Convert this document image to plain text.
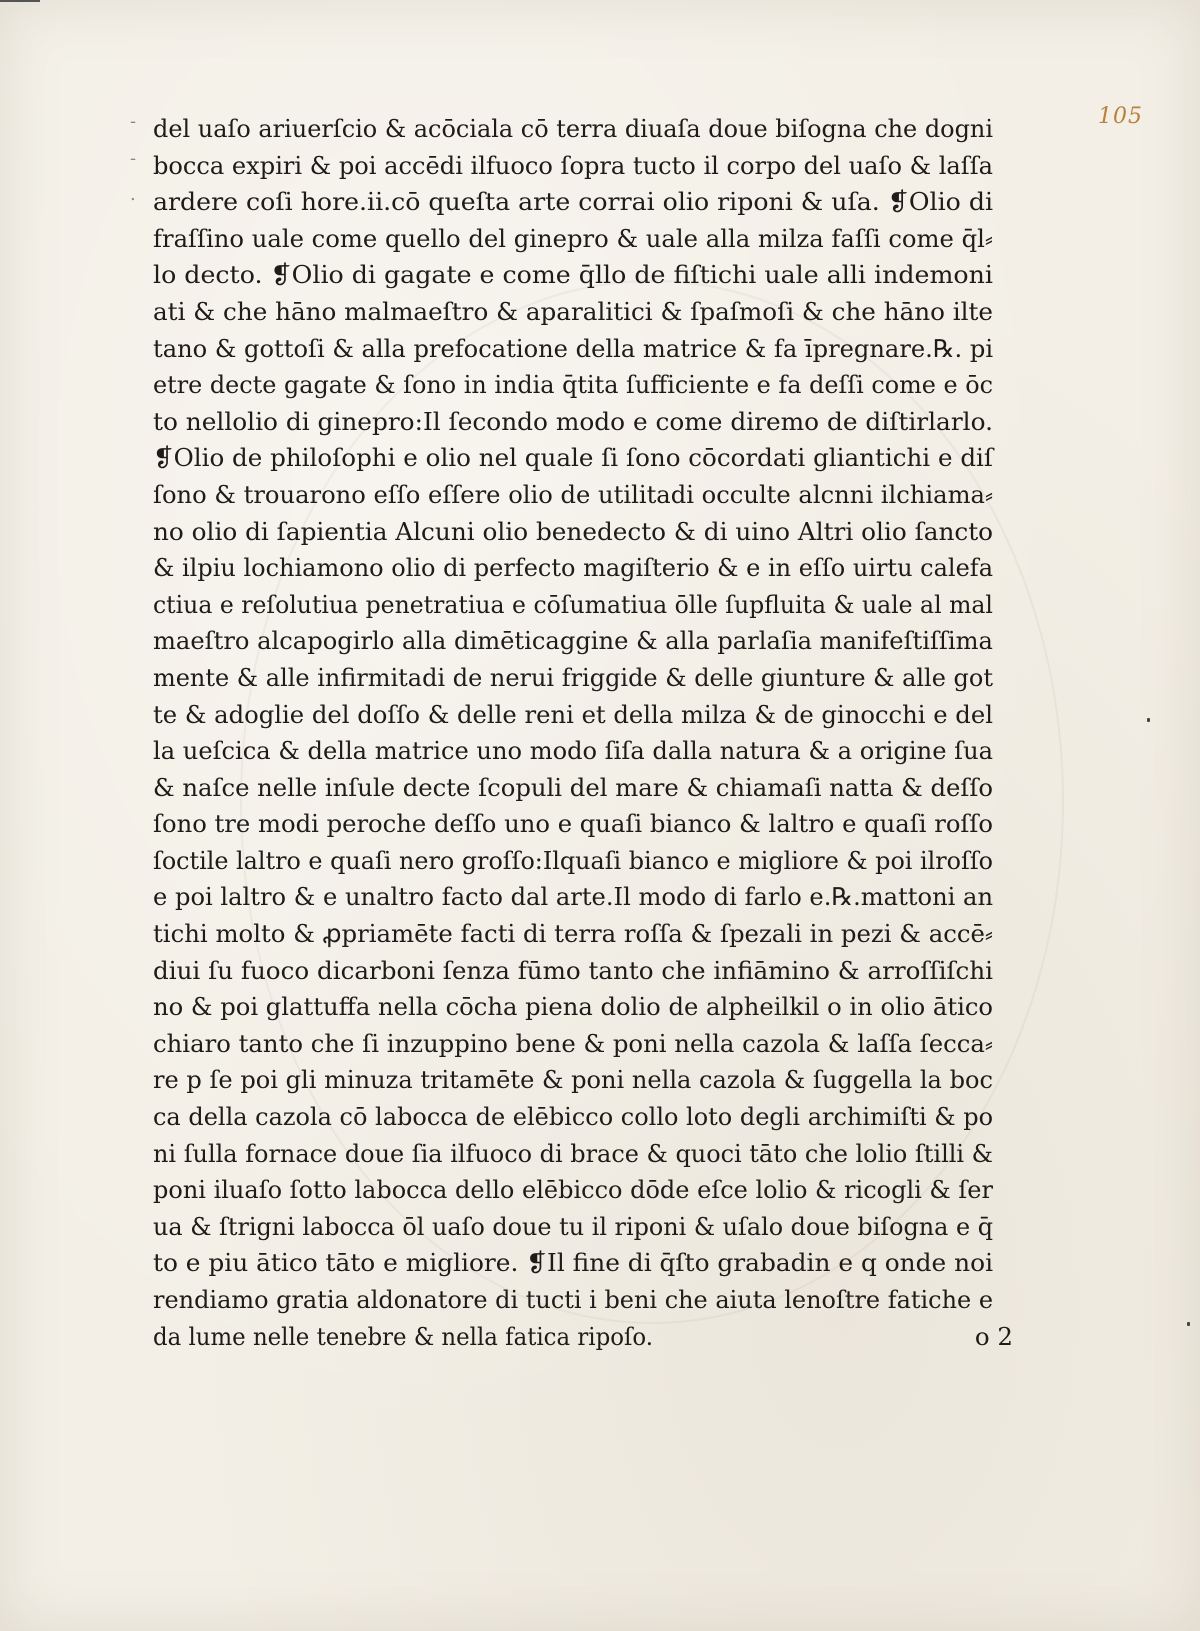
105
-
-
.
del uaſo ariuerſcio & acōciala cō terra diuaſa doue biſogna che dogni
bocca expiri & poi accēdi ilfuoco ſopra tucto il corpo del uaſo & laſſa
ardere coſi hore.ii.cō queſta arte corrai olio riponi & uſa. ❡Olio di
fraſſino uale come quello del ginepro & uale alla milza faſſi come q̄l⸗
lo decto. ❡Olio di gagate e come q̄llo de fiſtichi uale alli indemoni
ati & che hāno malmaeſtro & aparalitici & ſpaſmoſi & che hāno ilte
tano & gottoſi & alla prefocatione della matrice & fa īpregnare.℞. pi
etre decte gagate & ſono in india q̄tita ſufficiente e fa deſſi come e ōc
to nellolio di ginepro:Il ſecondo modo e come diremo de diſtirlarlo.
❡Olio de philoſophi e olio nel quale ſi ſono cōcordati gliantichi e diſ
ſono & trouarono eſſo eſſere olio de utilitadi occulte alcnni ilchiama⸗
no olio di ſapientia Alcuni olio benedecto & di uino Altri olio ſancto
& ilpiu lochiamono olio di perfecto magiſterio & e in eſſo uirtu calefa
ctiua e reſolutiua penetratiua e cōſumatiua ōlle ſupfluita & uale al mal
maeſtro alcapogirlo alla dimēticaggine & alla parlaſia manifeſtiſſima
mente & alle infirmitadi de nerui friggide & delle giunture & alle got
te & adoglie del doſſo & delle reni et della milza & de ginocchi e del
la ueſcica & della matrice uno modo ſiſa dalla natura & a origine ſua
& naſce nelle inſule decte ſcopuli del mare & chiamaſi natta & deſſo
ſono tre modi peroche deſſo uno e quaſi bianco & laltro e quaſi roſſo
ſoctile laltro e quaſi nero groſſo:Ilquaſi bianco e migliore & poi ilroſſo
e poi laltro & e unaltro facto dal arte.Il modo di farlo e.℞.mattoni an
tichi molto & ꝓpriamēte facti di terra roſſa & ſpezali in pezi & accē⸗
diui ſu fuoco dicarboni ſenza fūmo tanto che infiāmino & arroſſiſchi
no & poi glattuffa nella cōcha piena dolio de alpheilkil o in olio ātico
chiaro tanto che ſi inzuppino bene & poni nella cazola & laſſa ſecca⸗
re p ſe poi gli minuza tritamēte & poni nella cazola & ſuggella la boc
ca della cazola cō labocca de elēbicco collo loto degli archimiſti & po
ni ſulla fornace doue ſia ilfuoco di brace & quoci tāto che lolio ſtilli &
poni iluaſo ſotto labocca dello elēbicco dōde eſce lolio & ricogli & ſer
ua & ſtrigni labocca ōl uaſo doue tu il riponi & uſalo doue biſogna e q̄
to e piu ātico tāto e migliore. ❡Il fine di q̄ſto grabadin e q onde noi
rendiamo gratia aldonatore di tucti i beni che aiuta lenoſtre fatiche e
da lume nelle tenebre & nella fatica ripoſo.	o 2
